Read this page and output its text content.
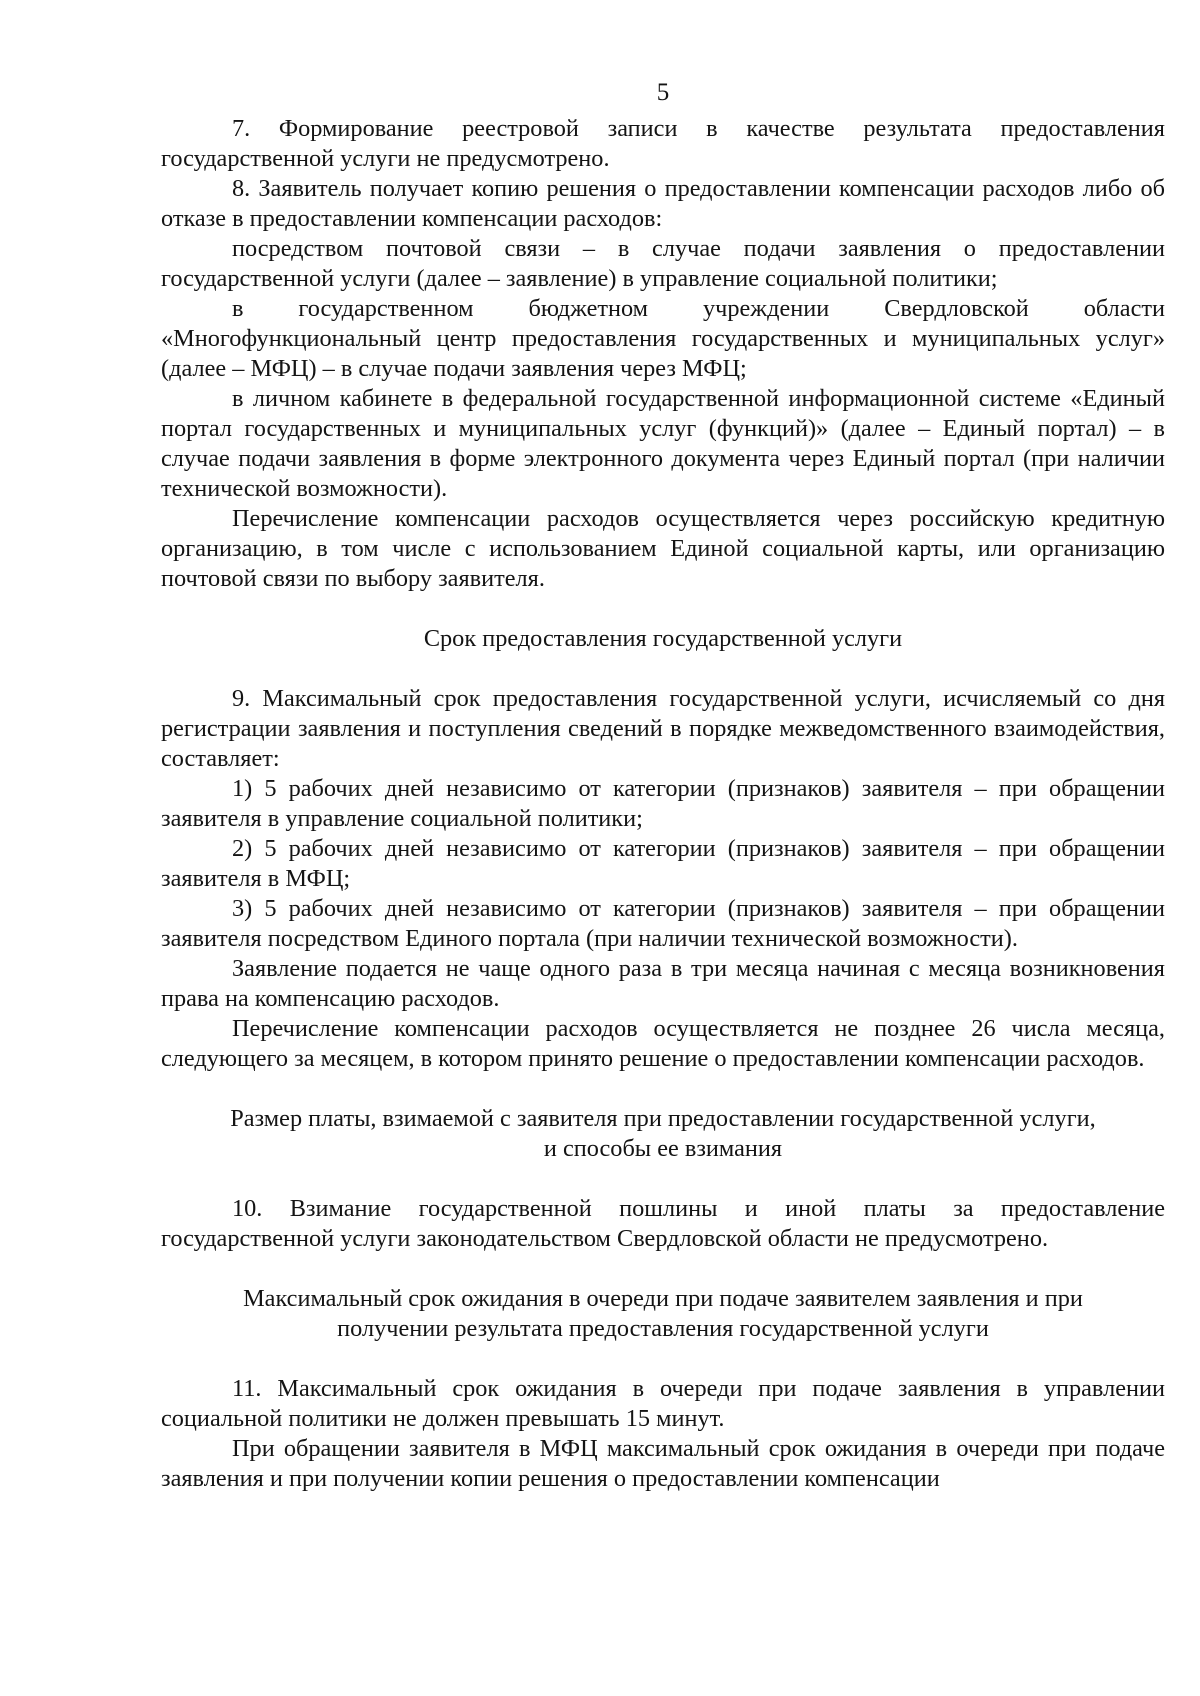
5

7. Формирование реестровой записи в качестве результата предоставления государственной услуги не предусмотрено.

8. Заявитель получает копию решения о предоставлении компенсации расходов либо об отказе в предоставлении компенсации расходов:

посредством почтовой связи – в случае подачи заявления о предоставлении государственной услуги (далее – заявление) в управление социальной политики;

в государственном бюджетном учреждении Свердловской области «Многофункциональный центр предоставления государственных и муниципальных услуг» (далее – МФЦ) – в случае подачи заявления через МФЦ;

в личном кабинете в федеральной государственной информационной системе «Единый портал государственных и муниципальных услуг (функций)» (далее – Единый портал) – в случае подачи заявления в форме электронного документа через Единый портал (при наличии технической возможности).

Перечисление компенсации расходов осуществляется через российскую кредитную организацию, в том числе с использованием Единой социальной карты, или организацию почтовой связи по выбору заявителя.

Срок предоставления государственной услуги

9. Максимальный срок предоставления государственной услуги, исчисляемый со дня регистрации заявления и поступления сведений в порядке межведомственного взаимодействия, составляет:

1) 5 рабочих дней независимо от категории (признаков) заявителя – при обращении заявителя в управление социальной политики;

2) 5 рабочих дней независимо от категории (признаков) заявителя – при обращении заявителя в МФЦ;

3) 5 рабочих дней независимо от категории (признаков) заявителя – при обращении заявителя посредством Единого портала (при наличии технической возможности).

Заявление подается не чаще одного раза в три месяца начиная с месяца возникновения права на компенсацию расходов.

Перечисление компенсации расходов осуществляется не позднее 26 числа месяца, следующего за месяцем, в котором принято решение о предоставлении компенсации расходов.

Размер платы, взимаемой с заявителя при предоставлении государственной услуги,
и способы ее взимания

10. Взимание государственной пошлины и иной платы за предоставление государственной услуги законодательством Свердловской области не предусмотрено.

Максимальный срок ожидания в очереди при подаче заявителем заявления и при
получении результата предоставления государственной услуги

11. Максимальный срок ожидания в очереди при подаче заявления в управлении социальной политики не должен превышать 15 минут.

При обращении заявителя в МФЦ максимальный срок ожидания в очереди при подаче заявления и при получении копии решения о предоставлении компенсации
